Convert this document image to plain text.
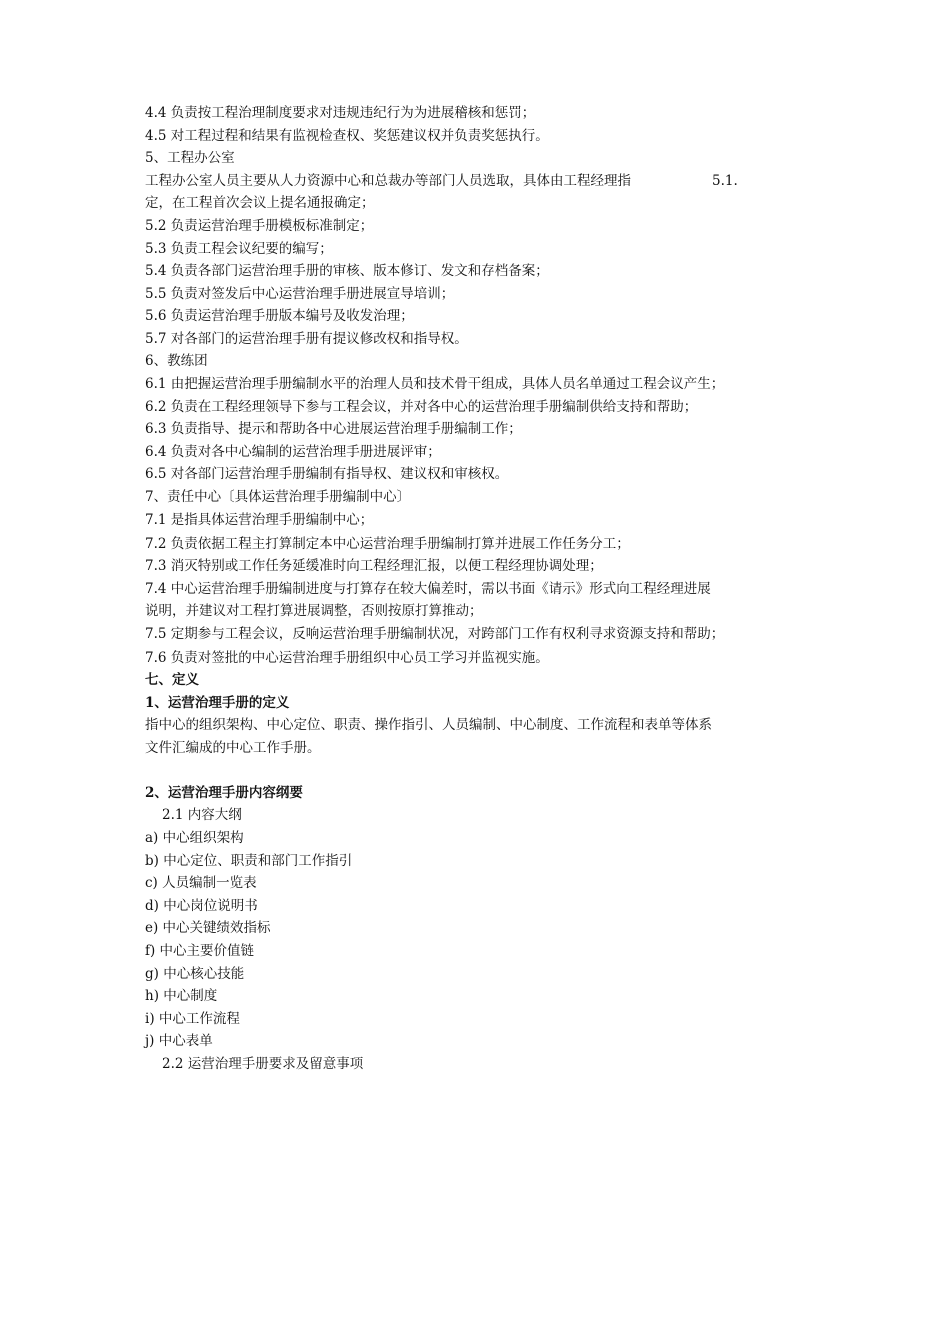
4.4 负责按工程治理制度要求对违规违纪行为为进展稽核和惩罚；
4.5 对工程过程和结果有监视检查权、奖惩建议权并负责奖惩执行。
5、工程办公室
工程办公室人员主要从人力资源中心和总裁办等部门人员选取，具体由工程经理指	5.1.
定，在工程首次会议上提名通报确定；
5.2 负责运营治理手册模板标准制定；
5.3 负责工程会议纪要的编写；
5.4 负责各部门运营治理手册的审核、版本修订、发文和存档备案；
5.5 负责对签发后中心运营治理手册进展宣导培训；
5.6 负责运营治理手册版本编号及收发治理；
5.7 对各部门的运营治理手册有提议修改权和指导权。
6、教练团
6.1 由把握运营治理手册编制水平的治理人员和技术骨干组成，具体人员名单通过工程会议产生；
6.2 负责在工程经理领导下参与工程会议，并对各中心的运营治理手册编制供给支持和帮助；
6.3 负责指导、提示和帮助各中心进展运营治理手册编制工作；
6.4 负责对各中心编制的运营治理手册进展评审；
6.5 对各部门运营治理手册编制有指导权、建议权和审核权。
7、责任中心〔具体运营治理手册编制中心〕
7.1 是指具体运营治理手册编制中心；
7.2 负责依据工程主打算制定本中心运营治理手册编制打算并进展工作任务分工；
7.3 消灭特别或工作任务延缓准时向工程经理汇报，以便工程经理协调处理；
7.4 中心运营治理手册编制进度与打算存在较大偏差时，需以书面《请示》形式向工程经理进展
说明，并建议对工程打算进展调整，否则按原打算推动；
7.5 定期参与工程会议，反响运营治理手册编制状况，对跨部门工作有权利寻求资源支持和帮助；
7.6 负责对签批的中心运营治理手册组织中心员工学习并监视实施。
七、定义
1、运营治理手册的定义
指中心的组织架构、中心定位、职责、操作指引、人员编制、中心制度、工作流程和表单等体系
文件汇编成的中心工作手册。
2、运营治理手册内容纲要
2.1 内容大纲
a) 中心组织架构
b) 中心定位、职责和部门工作指引
c) 人员编制一览表
d) 中心岗位说明书
e) 中心关键绩效指标
f) 中心主要价值链
g) 中心核心技能
h) 中心制度
i) 中心工作流程
j) 中心表单
2.2 运营治理手册要求及留意事项
